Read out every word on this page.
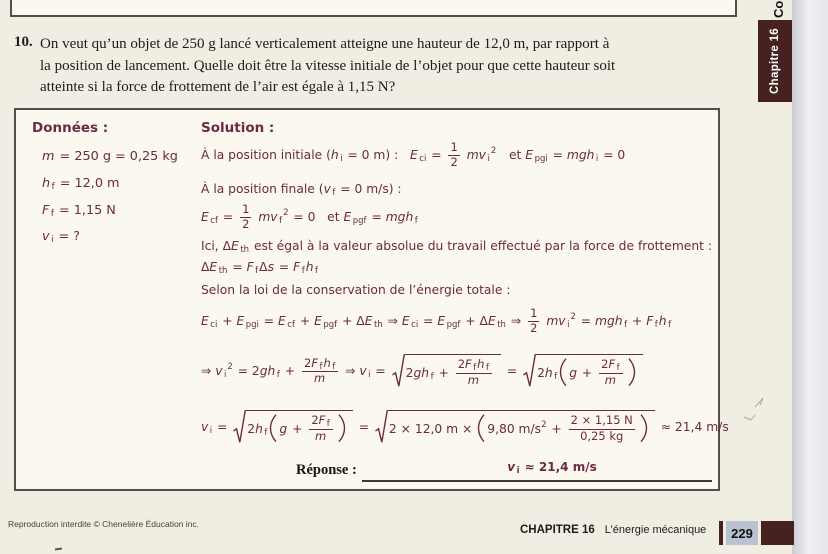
Co
Chapitre 16
10. On veut qu’un objet de 250 g lancé verticalement atteigne une hauteur de 12,0 m, par rapport à
la position de lancement. Quelle doit être la vitesse initiale de l’objet pour que cette hauteur soit
atteinte si la force de frottement de l’air est égale à 1,15 N?
Données :
m = 250 g = 0,25 kg
h f = 12,0 m
F f = 1,15 N
v i = ?
Solution :
À la position initiale ( h i = 0 m) : E ci = $\frac{1}{2}$
mv i
2 et E pgi = mgh i = 0
À la position finale ( v f = 0 m/s) :
E cf = $\frac{1}{2}$
mv f
2 = 0   et E pgf = mgh f
Ici, Δ E th est égal à la valeur absolue du travail effectué par la force de frottement :
Δ E th = F f Δ s = F f h f
Selon la loi de la conservation de l’énergie totale :
E ci + E pgi = E cf + E pgf + Δ E th ⇒ E ci = E pgf + Δ E th ⇒ $\frac{1}{2}$
mv i
2 = mgh f + F f h f
⇒ v i
2 = 2 gh $f + \frac{\text{2 F f h f}}{m}$ ⇒ v i = 2 gh $f + \frac{\text{2 F f h f}}{m} = 2$ h f $g + \frac{\text{2 F f}}{m}$
v i = 2 h f $g + \frac{\text{2 F f}}{m} = 2 \times 12,0$ m × 9,80 m/s $2 + \frac{2 \times 1,15 N}{0,25 kg} \approx 21,4$ m/s
Réponse :	v i ≈ 21,4 m/s
Reproduction interdite © Chenelière Éducation inc.	CHAPITRE 16 L’énergie mécanique	229
